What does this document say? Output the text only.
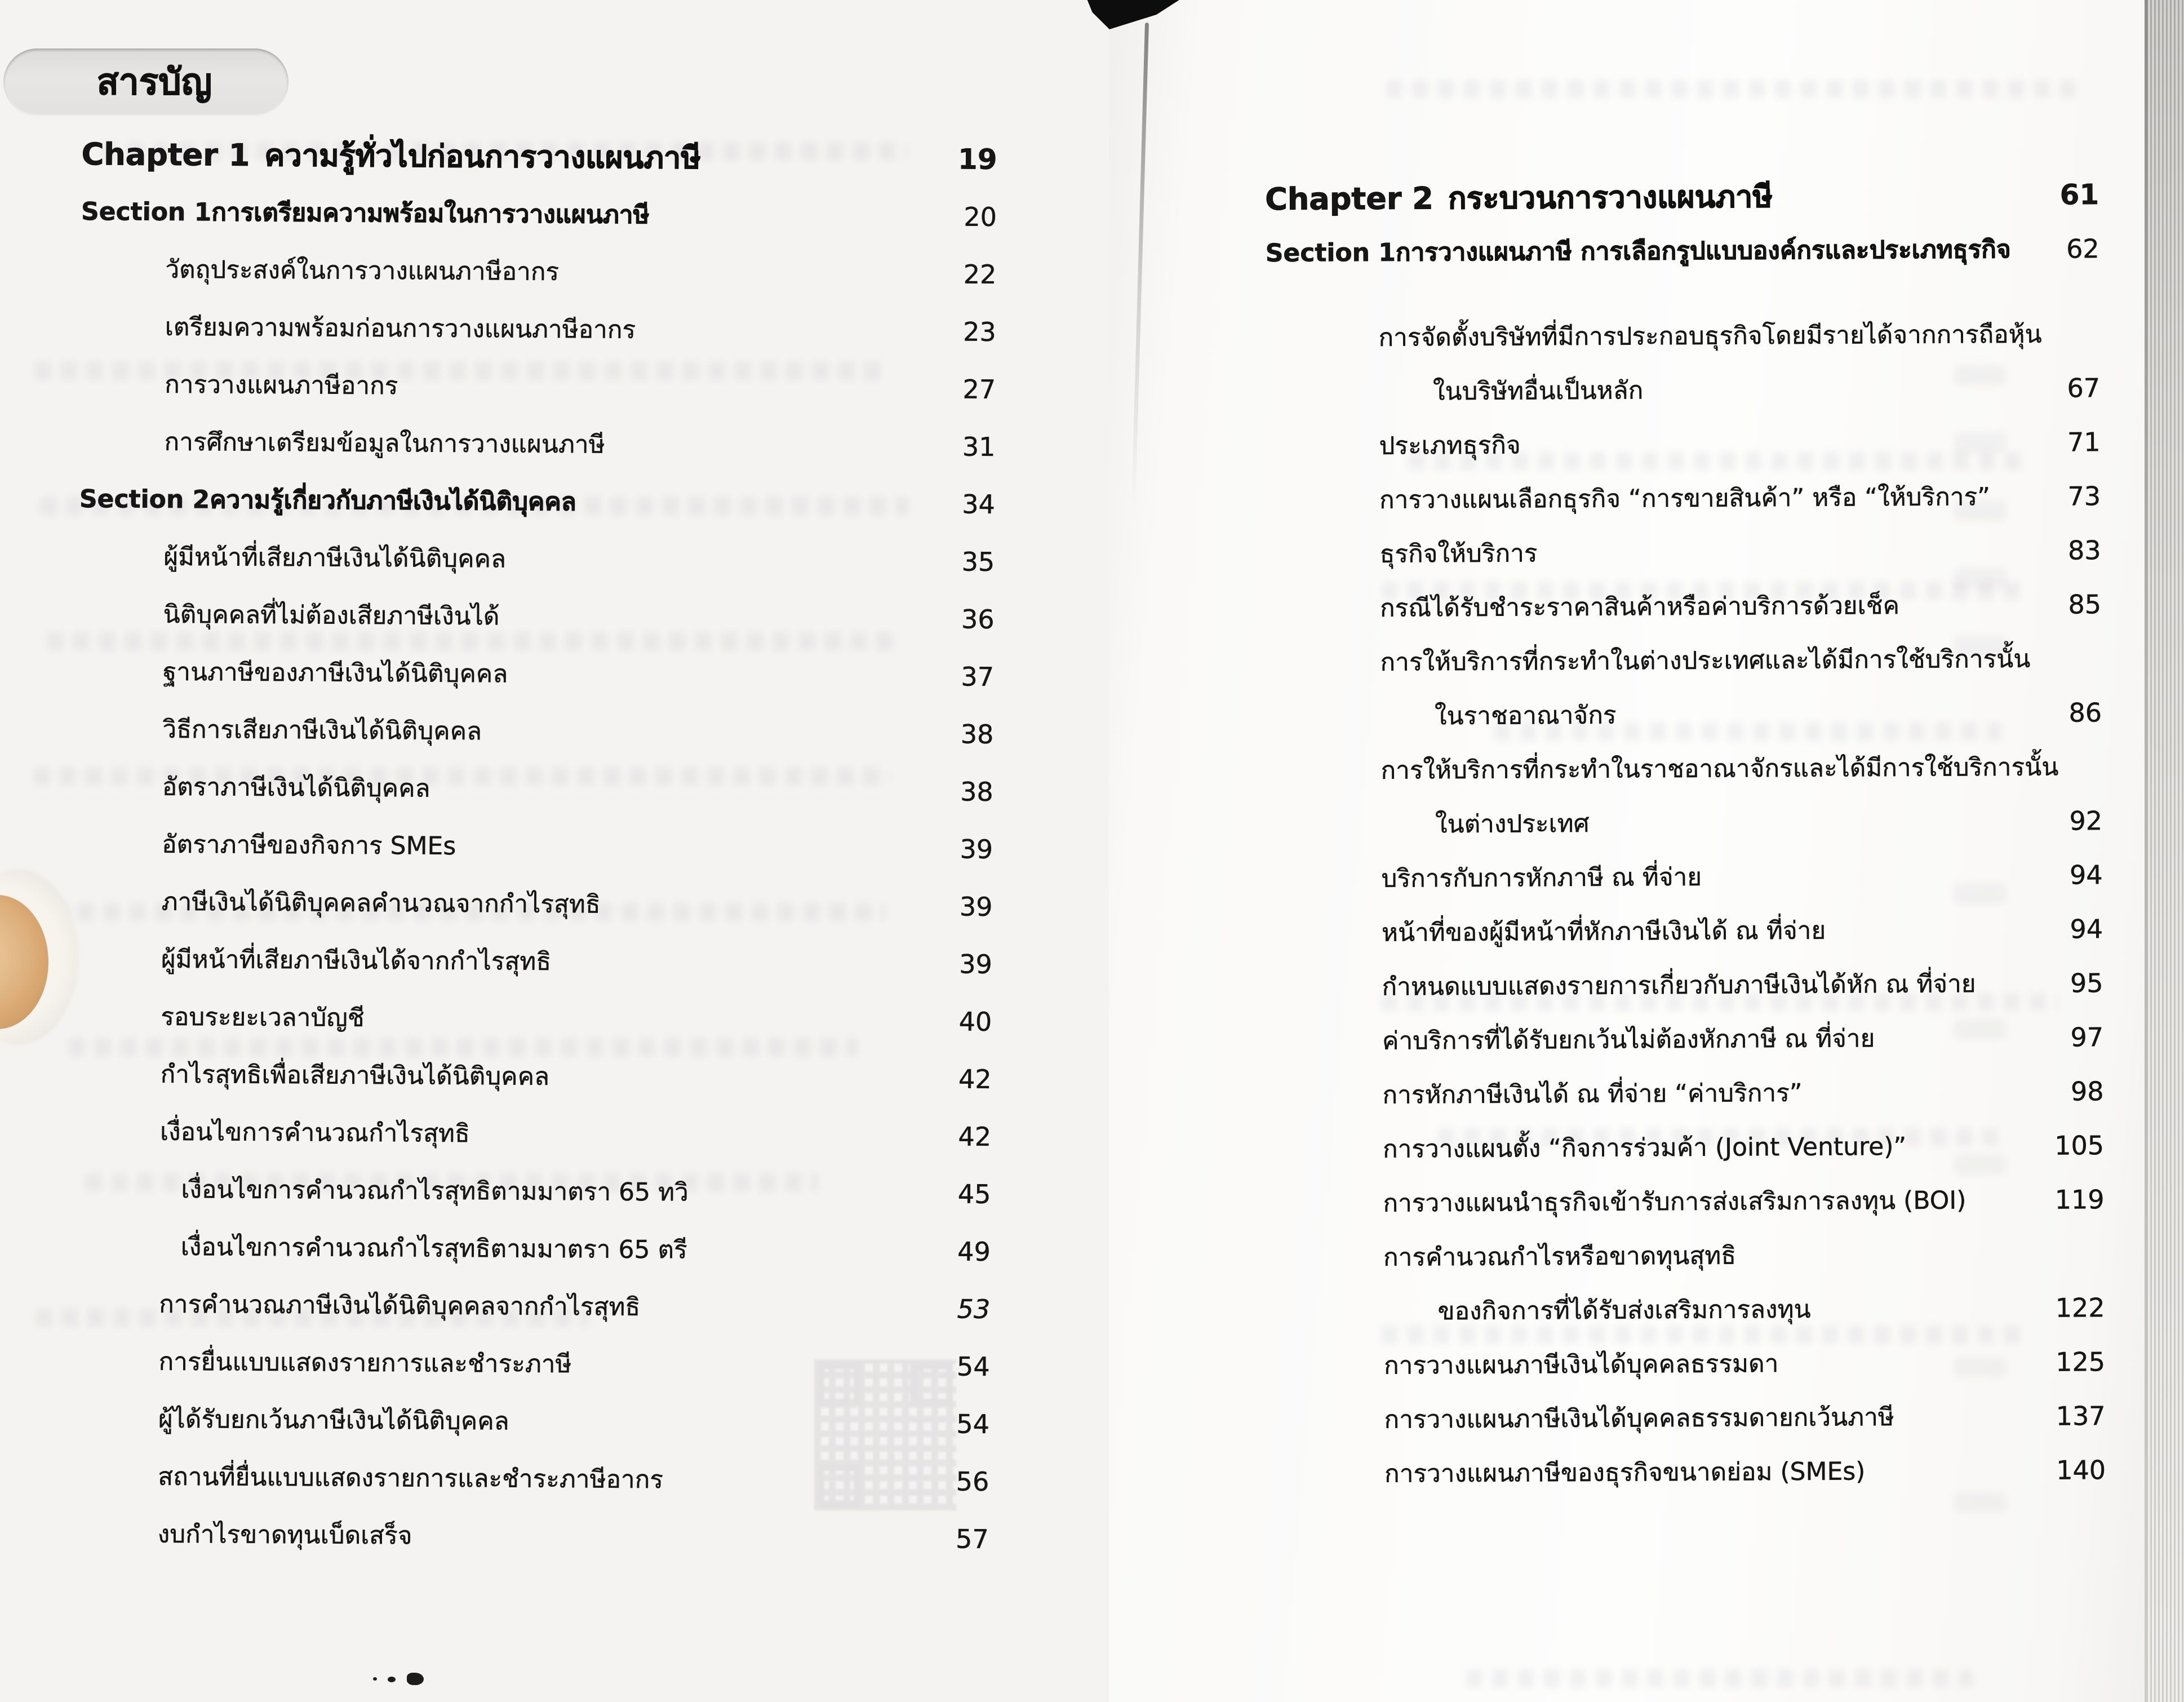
สารบัญ
Chapter 1 ความรู้ทั่วไปก่อนการวางแผนภาษี	19
Section 1 การเตรียมความพร้อมในการวางแผนภาษี	20
วัตถุประสงค์ในการวางแผนภาษีอากร	22
เตรียมความพร้อมก่อนการวางแผนภาษีอากร	23
การวางแผนภาษีอากร	27
การศึกษาเตรียมข้อมูลในการวางแผนภาษี	31
Section 2 ความรู้เกี่ยวกับภาษีเงินได้นิติบุคคล	34
ผู้มีหน้าที่เสียภาษีเงินได้นิติบุคคล	35
นิติบุคคลที่ไม่ต้องเสียภาษีเงินได้	36
ฐานภาษีของภาษีเงินได้นิติบุคคล	37
วิธีการเสียภาษีเงินได้นิติบุคคล	38
อัตราภาษีเงินได้นิติบุคคล	38
อัตราภาษีของกิจการ SMEs	39
ภาษีเงินได้นิติบุคคลคำนวณจากกำไรสุทธิ	39
ผู้มีหน้าที่เสียภาษีเงินได้จากกำไรสุทธิ	39
รอบระยะเวลาบัญชี	40
กำไรสุทธิเพื่อเสียภาษีเงินได้นิติบุคคล	42
เงื่อนไขการคำนวณกำไรสุทธิ	42
เงื่อนไขการคำนวณกำไรสุทธิตามมาตรา 65 ทวิ	45
เงื่อนไขการคำนวณกำไรสุทธิตามมาตรา 65 ตรี	49
การคำนวณภาษีเงินได้นิติบุคคลจากกำไรสุทธิ	53
การยื่นแบบแสดงรายการและชำระภาษี	54
ผู้ได้รับยกเว้นภาษีเงินได้นิติบุคคล	54
สถานที่ยื่นแบบแสดงรายการและชำระภาษีอากร	56
งบกำไรขาดทุนเบ็ดเสร็จ	57
Chapter 2 กระบวนการวางแผนภาษี	61
Section 1 การวางแผนภาษี การเลือกรูปแบบองค์กรและประเภทธุรกิจ 62
การจัดตั้งบริษัทที่มีการประกอบธุรกิจโดยมีรายได้จากการถือหุ้น
ในบริษัทอื่นเป็นหลัก	67
ประเภทธุรกิจ	71
การวางแผนเลือกธุรกิจ “การขายสินค้า” หรือ “ให้บริการ”	73
ธุรกิจให้บริการ	83
กรณีได้รับชำระราคาสินค้าหรือค่าบริการด้วยเช็ค	85
การให้บริการที่กระทำในต่างประเทศและได้มีการใช้บริการนั้น
ในราชอาณาจักร	86
การให้บริการที่กระทำในราชอาณาจักรและได้มีการใช้บริการนั้น
ในต่างประเทศ	92
บริการกับการหักภาษี ณ ที่จ่าย	94
หน้าที่ของผู้มีหน้าที่หักภาษีเงินได้ ณ ที่จ่าย	94
กำหนดแบบแสดงรายการเกี่ยวกับภาษีเงินได้หัก ณ ที่จ่าย	95
ค่าบริการที่ได้รับยกเว้นไม่ต้องหักภาษี ณ ที่จ่าย	97
การหักภาษีเงินได้ ณ ที่จ่าย “ค่าบริการ”	98
การวางแผนตั้ง “กิจการร่วมค้า (Joint Venture)”	105
การวางแผนนำธุรกิจเข้ารับการส่งเสริมการลงทุน (BOI)	119
การคำนวณกำไรหรือขาดทุนสุทธิ
ของกิจการที่ได้รับส่งเสริมการลงทุน	122
การวางแผนภาษีเงินได้บุคคลธรรมดา	125
การวางแผนภาษีเงินได้บุคคลธรรมดายกเว้นภาษี	137
การวางแผนภาษีของธุรกิจขนาดย่อม (SMEs)	140
